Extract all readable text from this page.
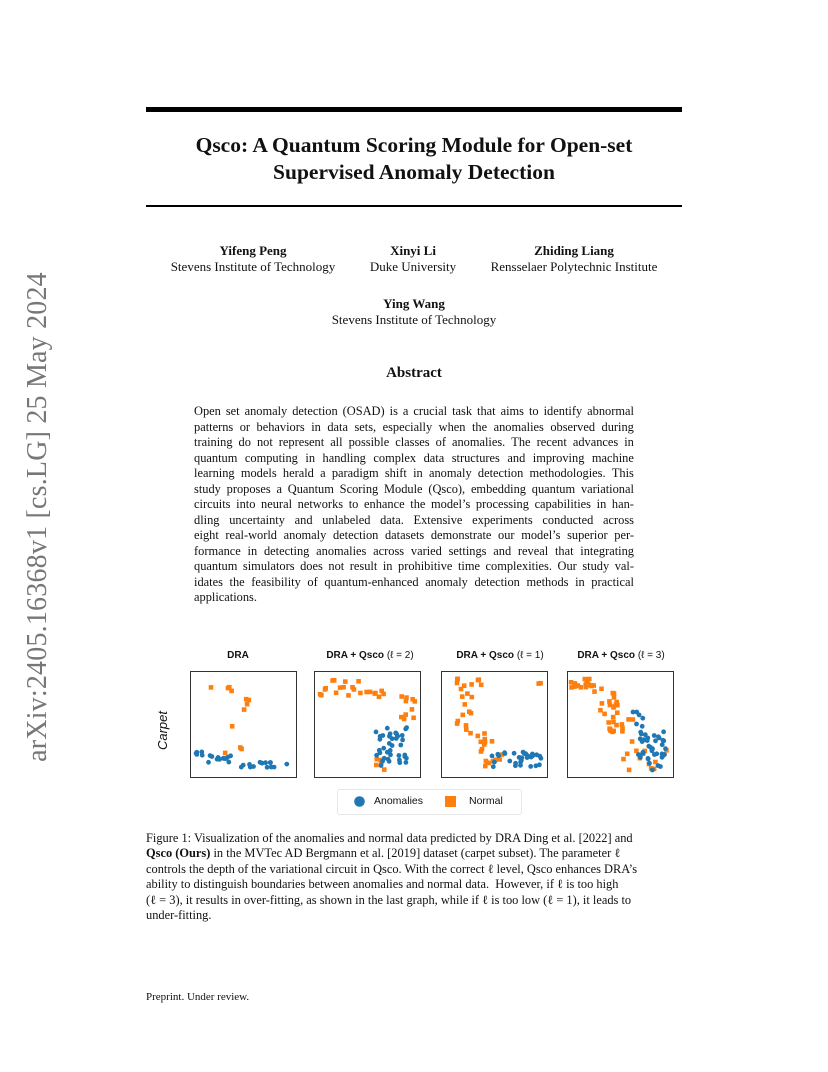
arXiv:2405.16368v1 [cs.LG] 25 May 2024
Qsco: A Quantum Scoring Module for Open-set
Supervised Anomaly Detection
Yifeng Peng
Stevens Institute of Technology
Xinyi Li
Duke University
Zhiding Liang
Rensselaer Polytechnic Institute
Ying Wang
Stevens Institute of Technology
Abstract
Open set anomaly detection (OSAD) is a crucial task that aims to identify abnormal
patterns or behaviors in data sets, especially when the anomalies observed during
training do not represent all possible classes of anomalies. The recent advances in
quantum computing in handling complex data structures and improving machine
learning models herald a paradigm shift in anomaly detection methodologies. This
study proposes a Quantum Scoring Module (Qsco), embedding quantum variational
circuits into neural networks to enhance the model’s processing capabilities in han-
dling uncertainty and unlabeled data. Extensive experiments conducted across
eight real-world anomaly detection datasets demonstrate our model’s superior per-
formance in detecting anomalies across varied settings and reveal that integrating
quantum simulators does not result in prohibitive time complexities. Our study val-
idates the feasibility of quantum-enhanced anomaly detection methods in practical
applications.
DRA	DRA + Qsco (ℓ = 2)	DRA + Qsco (ℓ = 1)	DRA + Qsco (ℓ = 3)
Carpet
Anomalies	Normal
Figure 1: Visualization of the anomalies and normal data predicted by DRA Ding et al. [2022] and
Qsco (Ours) in the MVTec AD Bergmann et al. [2019] dataset (carpet subset). The parameter ℓ
controls the depth of the variational circuit in Qsco. With the correct ℓ level, Qsco enhances DRA’s
ability to distinguish boundaries between anomalies and normal data.  However, if ℓ is too high
(ℓ = 3), it results in over-fitting, as shown in the last graph, while if ℓ is too low (ℓ = 1), it leads to
under-fitting.
Preprint. Under review.
